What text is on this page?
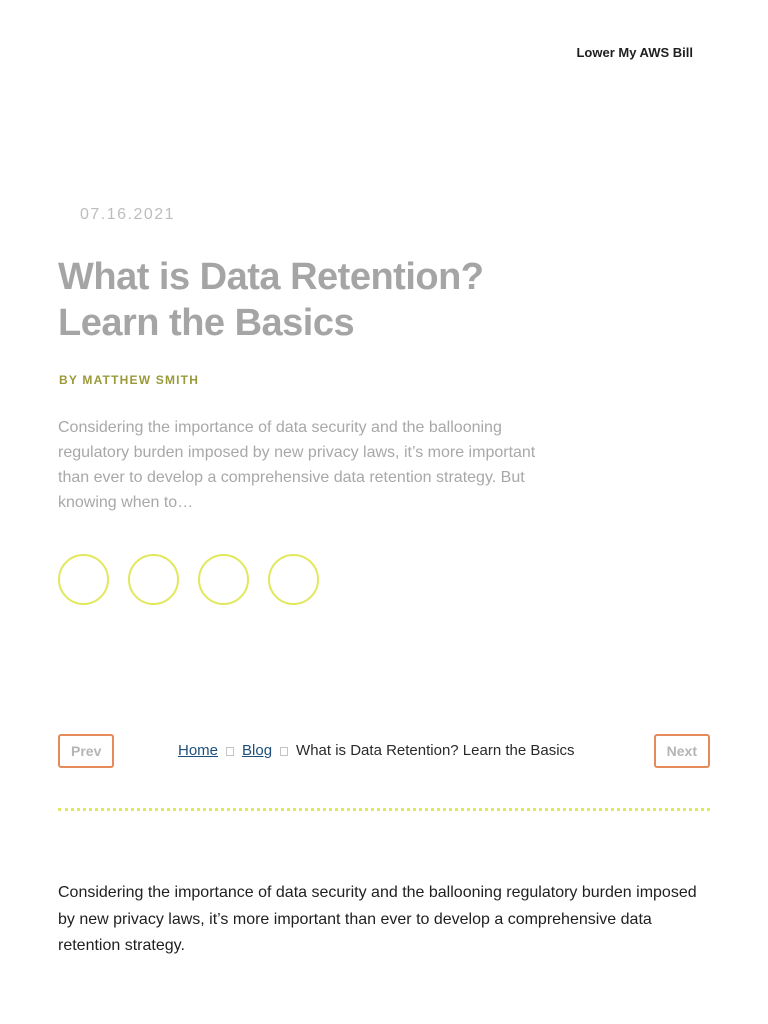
Lower My AWS Bill
07.16.2021
What is Data Retention? Learn the Basics
BY MATTHEW SMITH

Considering the importance of data security and the ballooning regulatory burden imposed by new privacy laws, it’s more important than ever to develop a comprehensive data retention strategy. But knowing when to…

Prev	Home Blog What is Data Retention? Learn the Basics	Next

Considering the importance of data security and the ballooning regulatory burden imposed by new privacy laws, it’s more important than ever to develop a comprehensive data retention strategy.
